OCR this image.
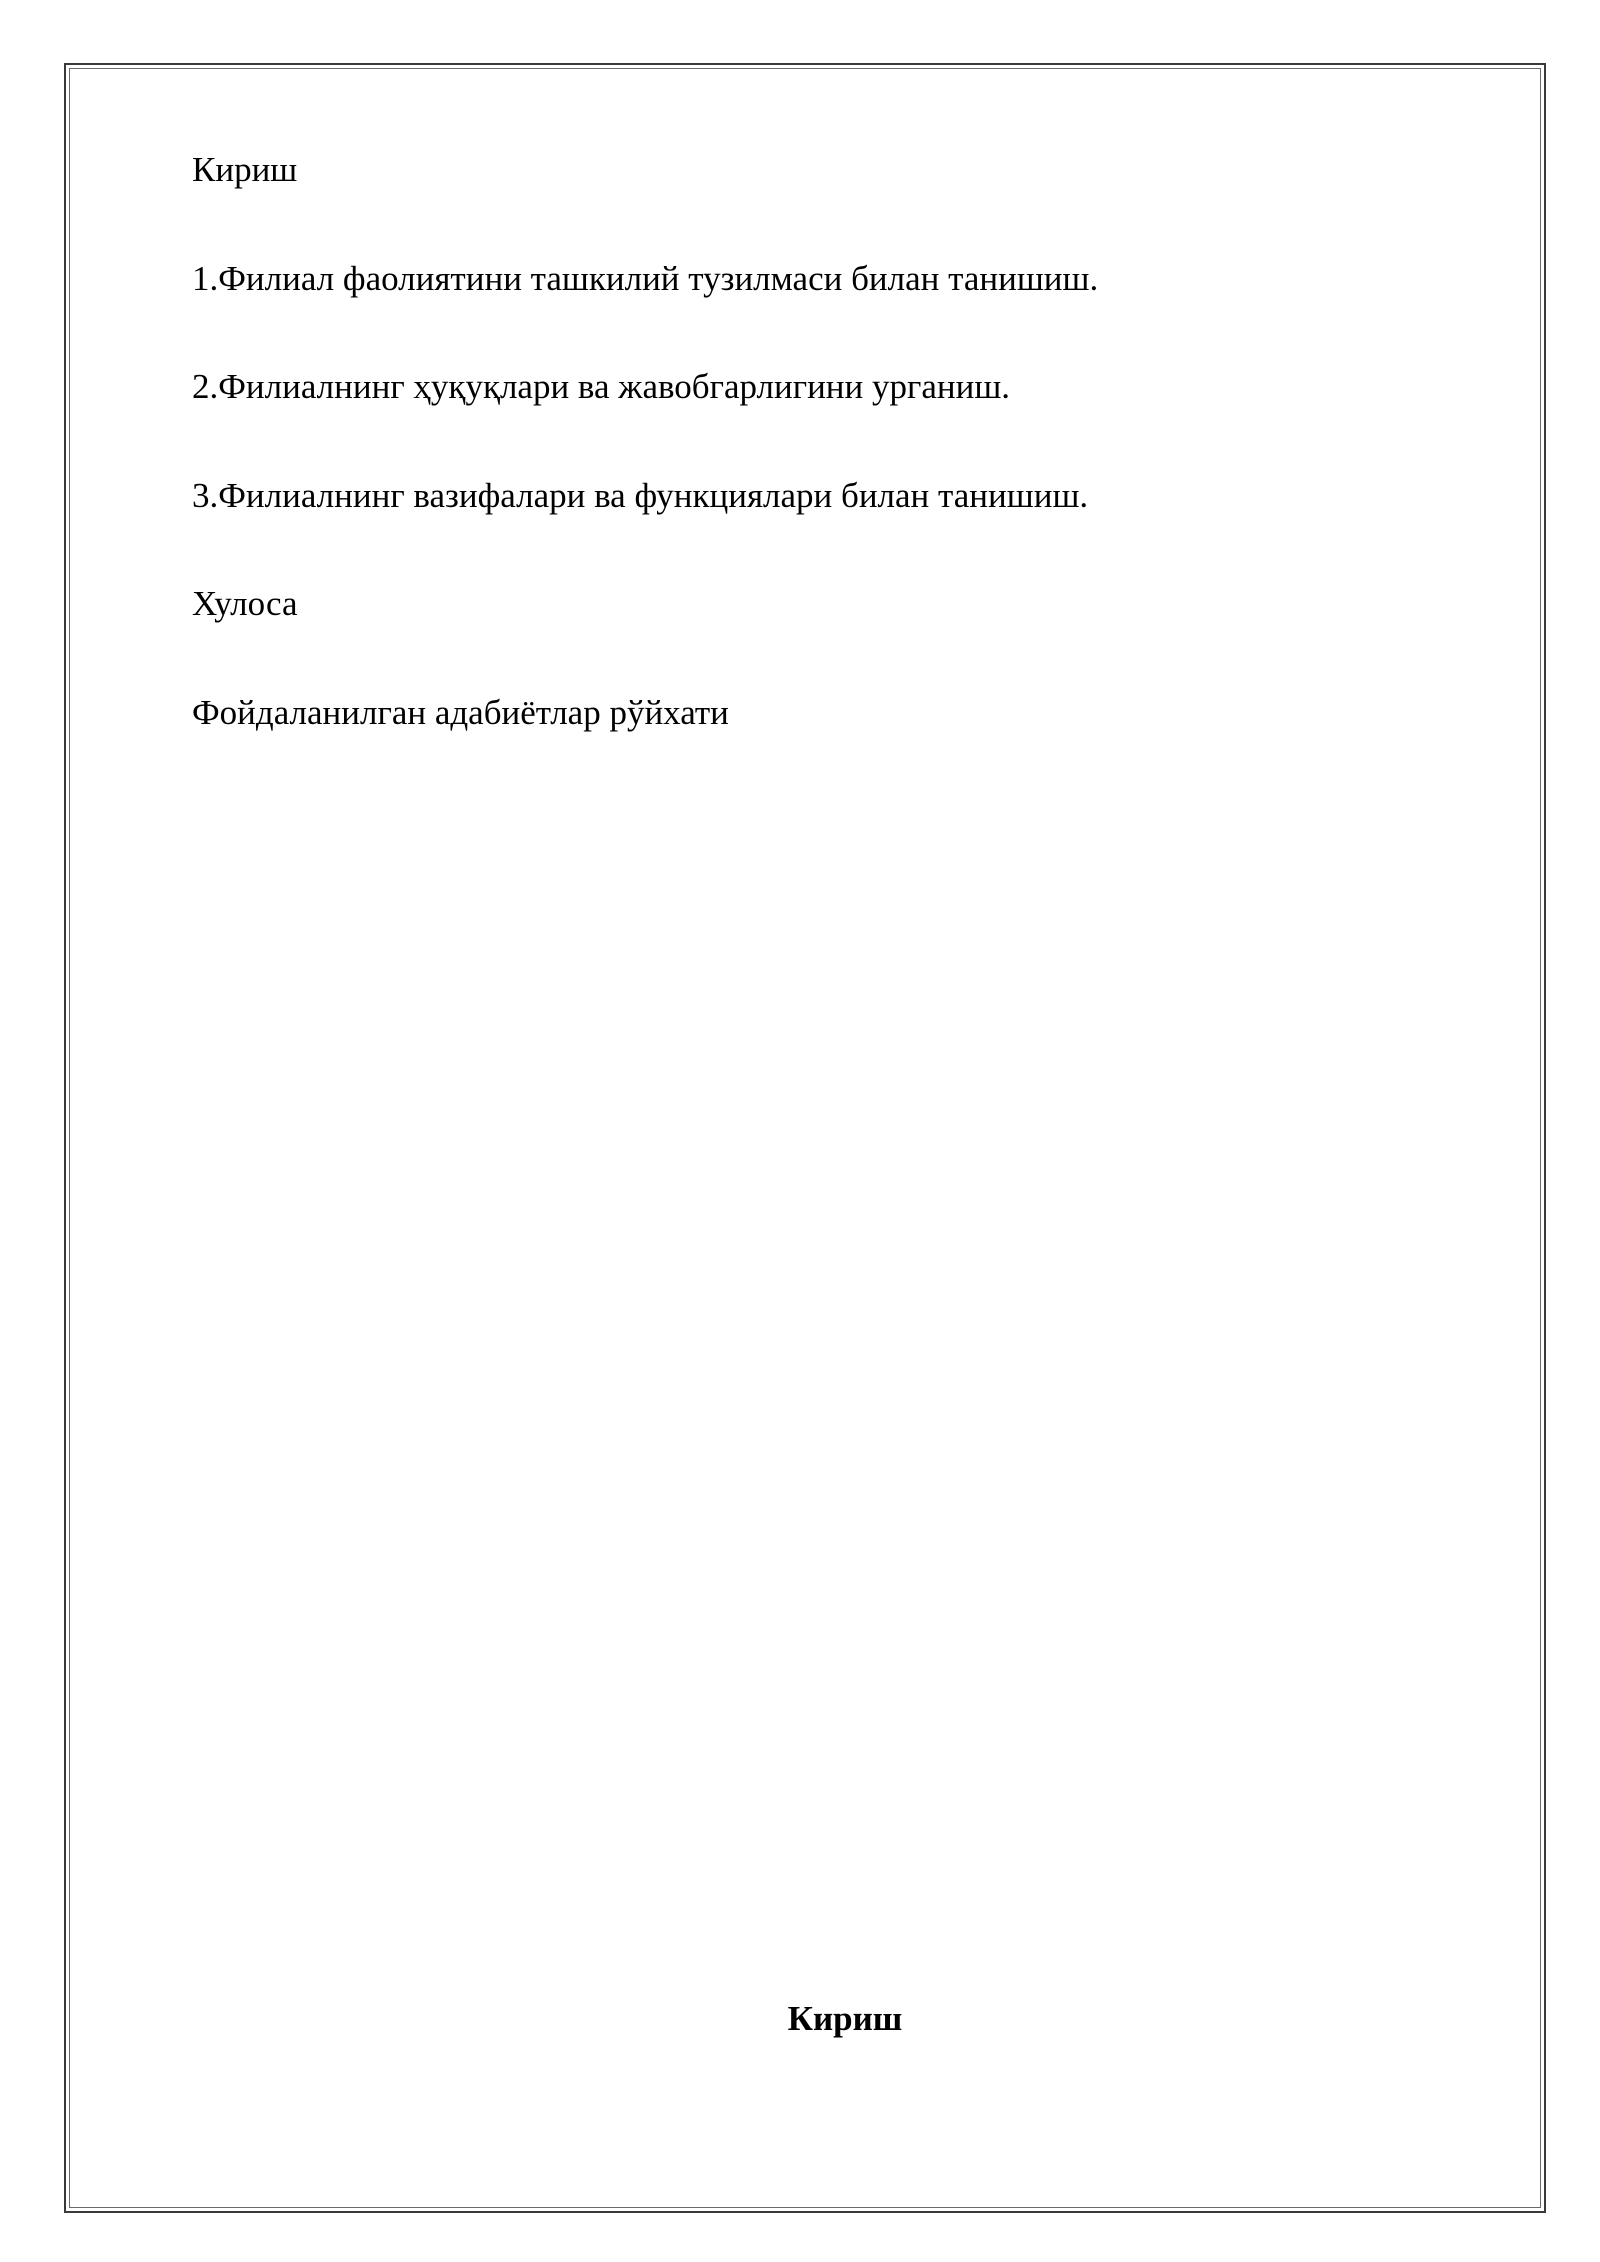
Кириш
1.Филиал фаолиятини ташкилий тузилмаси билан танишиш.
2.Филиалнинг ҳуқуқлари ва жавобгарлигини урганиш.
3.Филиалнинг вазифалари ва функциялари билан танишиш.
Хулоса
Фойдаланилган адабиётлар рўйхати
Кириш
